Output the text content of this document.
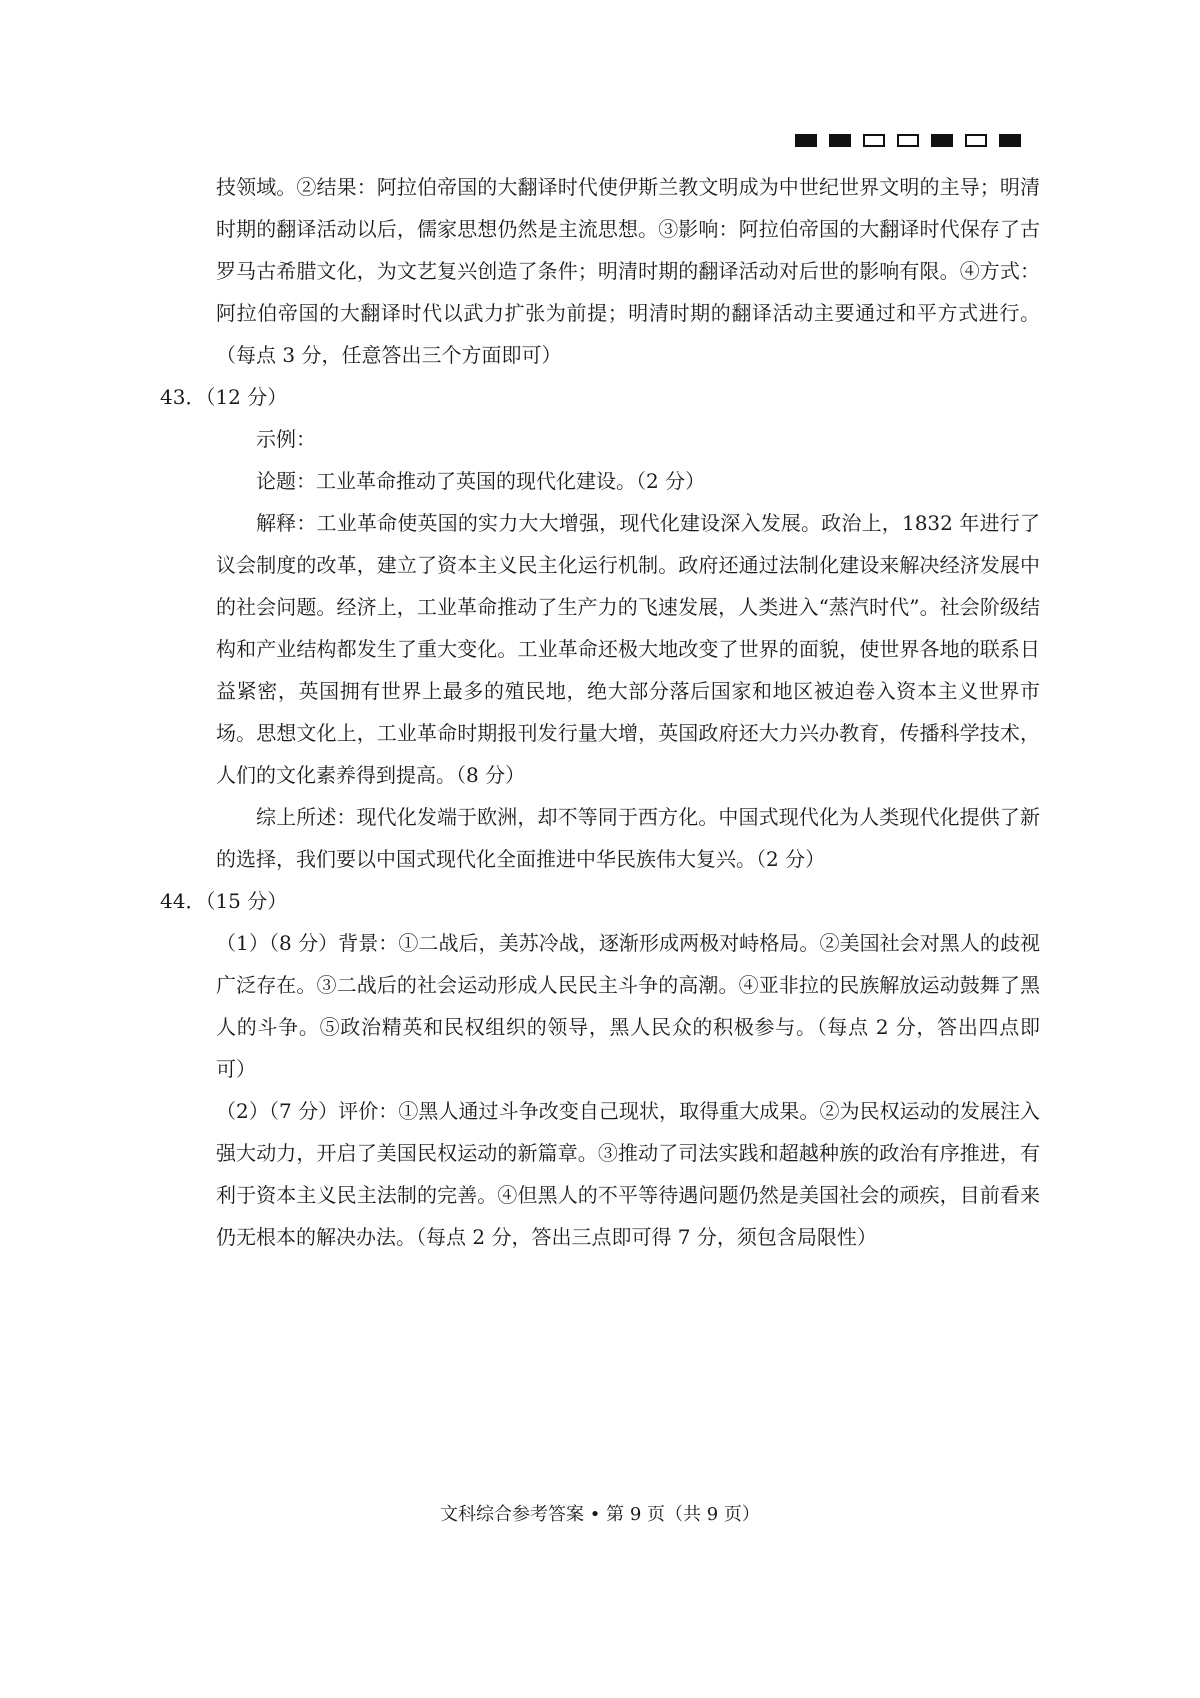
技领域。②结果：阿拉伯帝国的大翻译时代使伊斯兰教文明成为中世纪世界文明的主导；明清时期的翻译活动以后，儒家思想仍然是主流思想。③影响：阿拉伯帝国的大翻译时代保存了古罗马古希腊文化，为文艺复兴创造了条件；明清时期的翻译活动对后世的影响有限。④方式：阿拉伯帝国的大翻译时代以武力扩张为前提；明清时期的翻译活动主要通过和平方式进行。（每点 3 分，任意答出三个方面即可）
43．（12 分）
示例：
论题：工业革命推动了英国的现代化建设。（2 分）
解释：工业革命使英国的实力大大增强，现代化建设深入发展。政治上，1832 年进行了议会制度的改革，建立了资本主义民主化运行机制。政府还通过法制化建设来解决经济发展中的社会问题。经济上，工业革命推动了生产力的飞速发展，人类进入“蒸汽时代”。社会阶级结构和产业结构都发生了重大变化。工业革命还极大地改变了世界的面貌，使世界各地的联系日益紧密，英国拥有世界上最多的殖民地，绝大部分落后国家和地区被迫卷入资本主义世界市场。思想文化上，工业革命时期报刊发行量大增，英国政府还大力兴办教育，传播科学技术，人们的文化素养得到提高。（8 分）
综上所述：现代化发端于欧洲，却不等同于西方化。中国式现代化为人类现代化提供了新的选择，我们要以中国式现代化全面推进中华民族伟大复兴。（2 分）
44．（15 分）
（1）（8 分）背景：①二战后，美苏冷战，逐渐形成两极对峙格局。②美国社会对黑人的歧视广泛存在。③二战后的社会运动形成人民民主斗争的高潮。④亚非拉的民族解放运动鼓舞了黑人的斗争。⑤政治精英和民权组织的领导，黑人民众的积极参与。（每点 2 分，答出四点即可）
（2）（7 分）评价：①黑人通过斗争改变自己现状，取得重大成果。②为民权运动的发展注入强大动力，开启了美国民权运动的新篇章。③推动了司法实践和超越种族的政治有序推进，有利于资本主义民主法制的完善。④但黑人的不平等待遇问题仍然是美国社会的顽疾，目前看来仍无根本的解决办法。（每点 2 分，答出三点即可得 7 分，须包含局限性）
文科综合参考答案 • 第 9 页（共 9 页）
